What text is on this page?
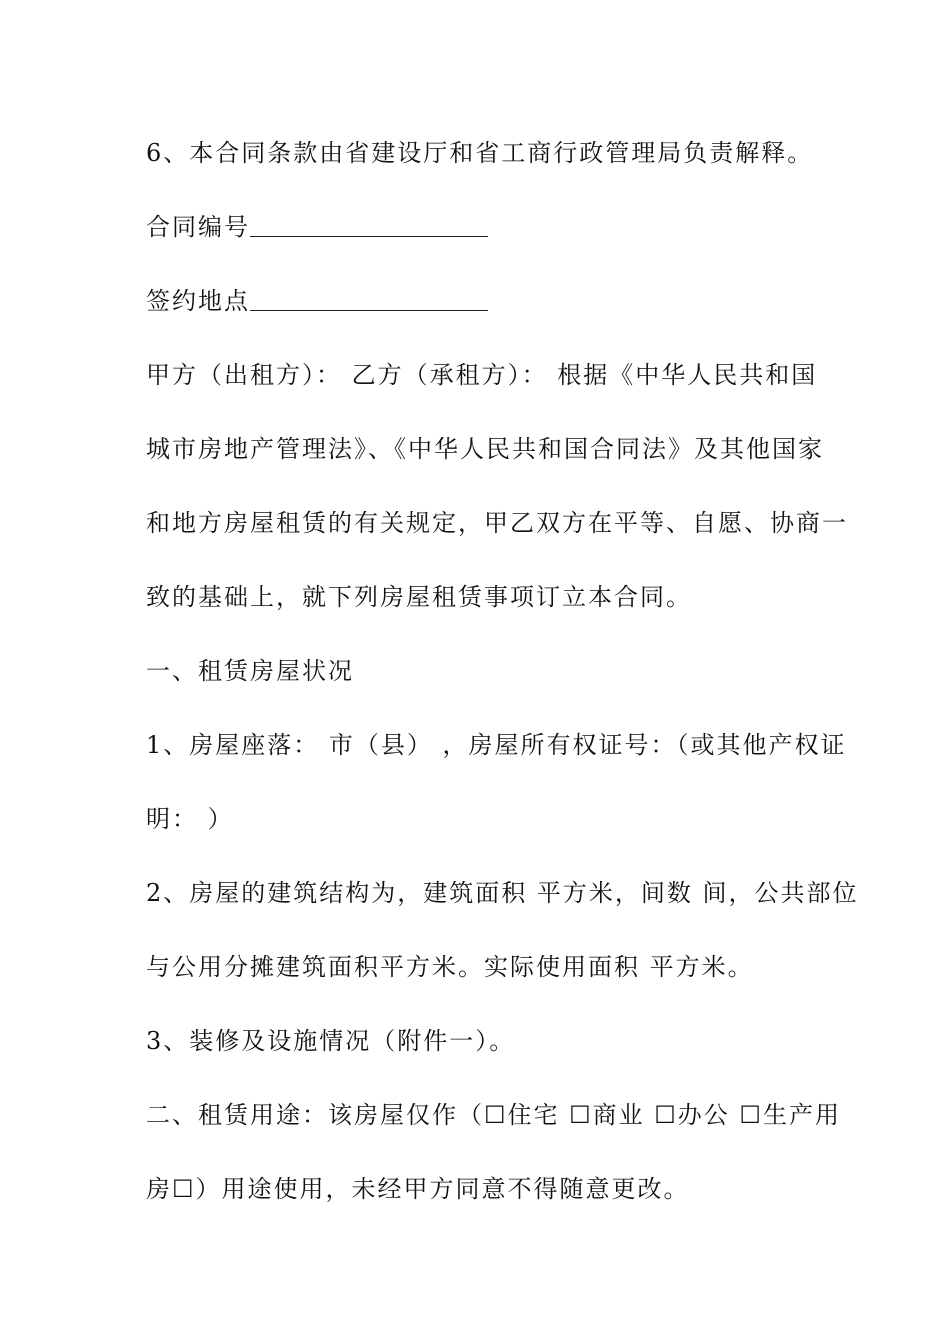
6、本合同条款由省建设厅和省工商行政管理局负责解释。
合同编号
签约地点
甲方（出租方）： 乙方（承租方）： 根据《中华人民共和国
城市房地产管理法》、《中华人民共和国合同法》及其他国家
和地方房屋租赁的有关规定，甲乙双方在平等、自愿、协商一
致的基础上，就下列房屋租赁事项订立本合同。
一、租赁房屋状况
1、房屋座落： 市（县） ，房屋所有权证号：（或其他产权证
明： ）
2、房屋的建筑结构为，建筑面积 平方米，间数 间，公共部位
与公用分摊建筑面积平方米。实际使用面积 平方米。
3、装修及设施情况（附件一）。
二、租赁用途：该房屋仅作（☐住宅 ☐商业 ☐办公 ☐生产用
房☐）用途使用，未经甲方同意不得随意更改。
